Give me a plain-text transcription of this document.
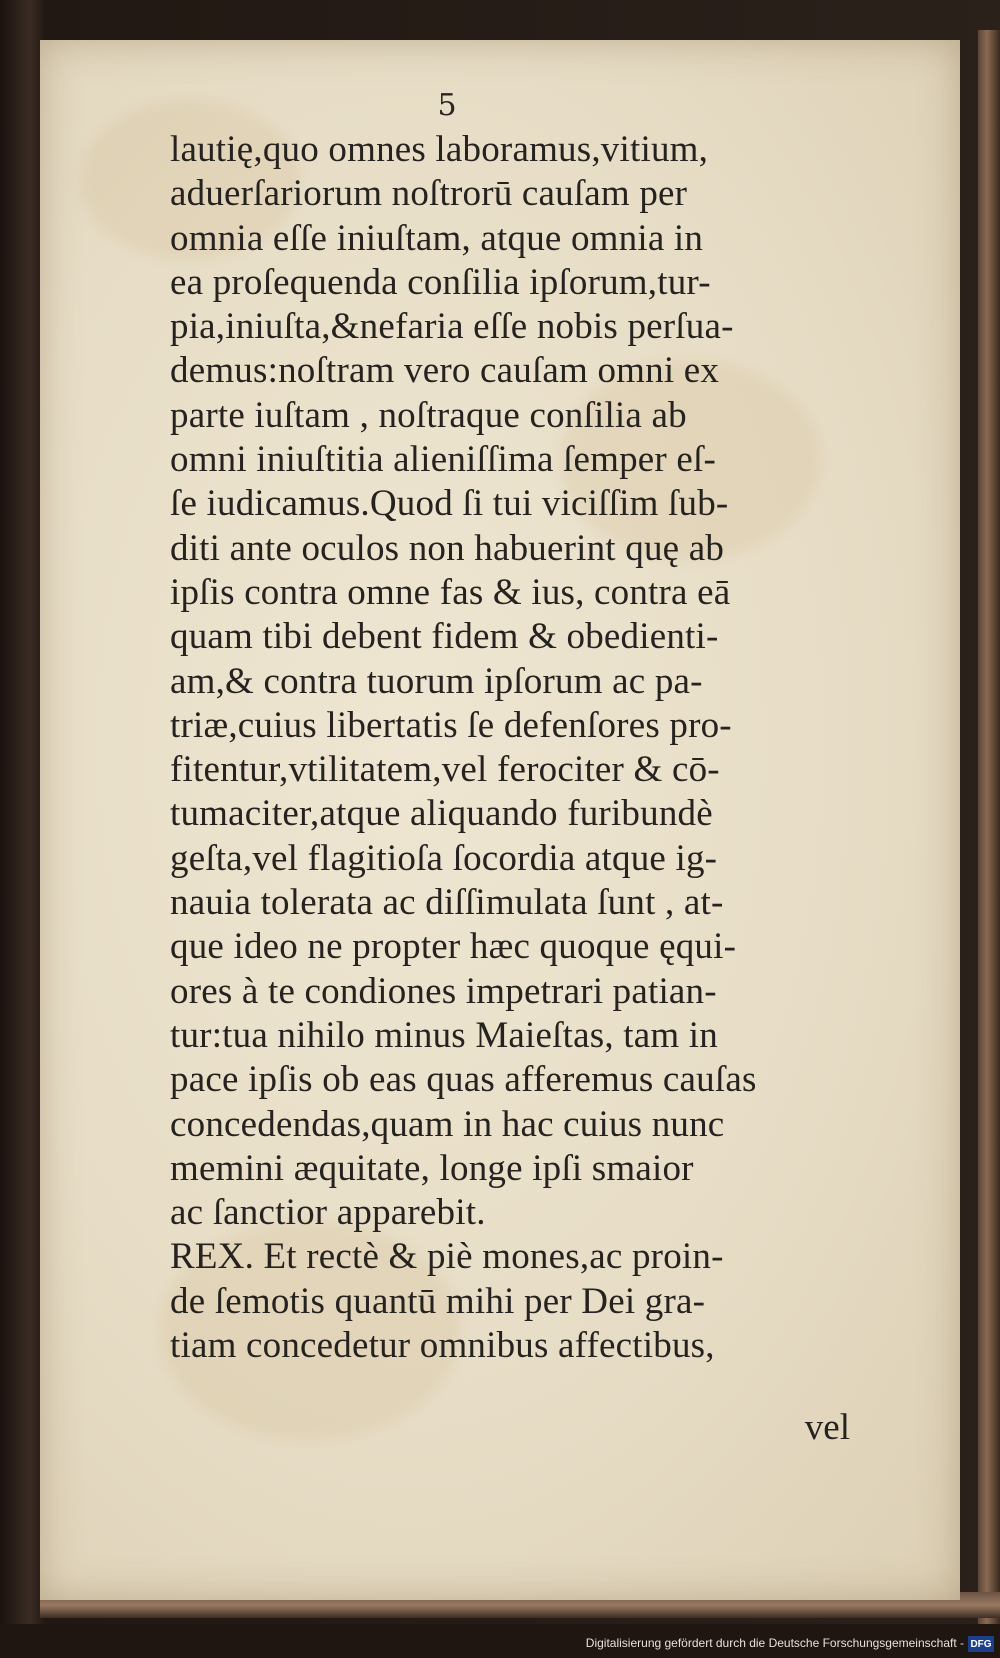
5
lautię,quo omnes laboramus,vitium,
aduerſariorum noſtrorū cauſam per
omnia eſſe iniuſtam, atque omnia in
ea proſequenda conſilia ipſorum,tur-
pia,iniuſta,&nefaria eſſe nobis perſua-
demus:noſtram vero cauſam omni ex
parte iuſtam , noſtraque conſilia ab
omni iniuſtitia alieniſſima ſemper eſ-
ſe iudicamus.Quod ſi tui viciſſim ſub-
diti ante oculos non habuerint quę ab
ipſis contra omne fas & ius, contra eā
quam tibi debent fidem & obedienti-
am,& contra tuorum ipſorum ac pa-
triæ,cuius libertatis ſe defenſores pro-
fitentur,vtilitatem,vel ferociter & cō-
tumaciter,atque aliquando furibundè
geſta,vel flagitioſa ſocordia atque ig-
nauia tolerata ac diſſimulata ſunt , at-
que ideo ne propter hæc quoque ęqui-
ores à te condiones impetrari patian-
tur:tua nihilo minus Maieſtas, tam in
pace ipſis ob eas quas afferemus cauſas
concedendas,quam in hac cuius nunc
memini æquitate, longe ipſi smaior
ac ſanctior apparebit.
REX. Et rectè & piè mones,ac proin-
de ſemotis quantū mihi per Dei gra-
tiam concedetur omnibus affectibus,
vel
Digitalisierung gefördert durch die Deutsche Forschungsgemeinschaft - DFG
